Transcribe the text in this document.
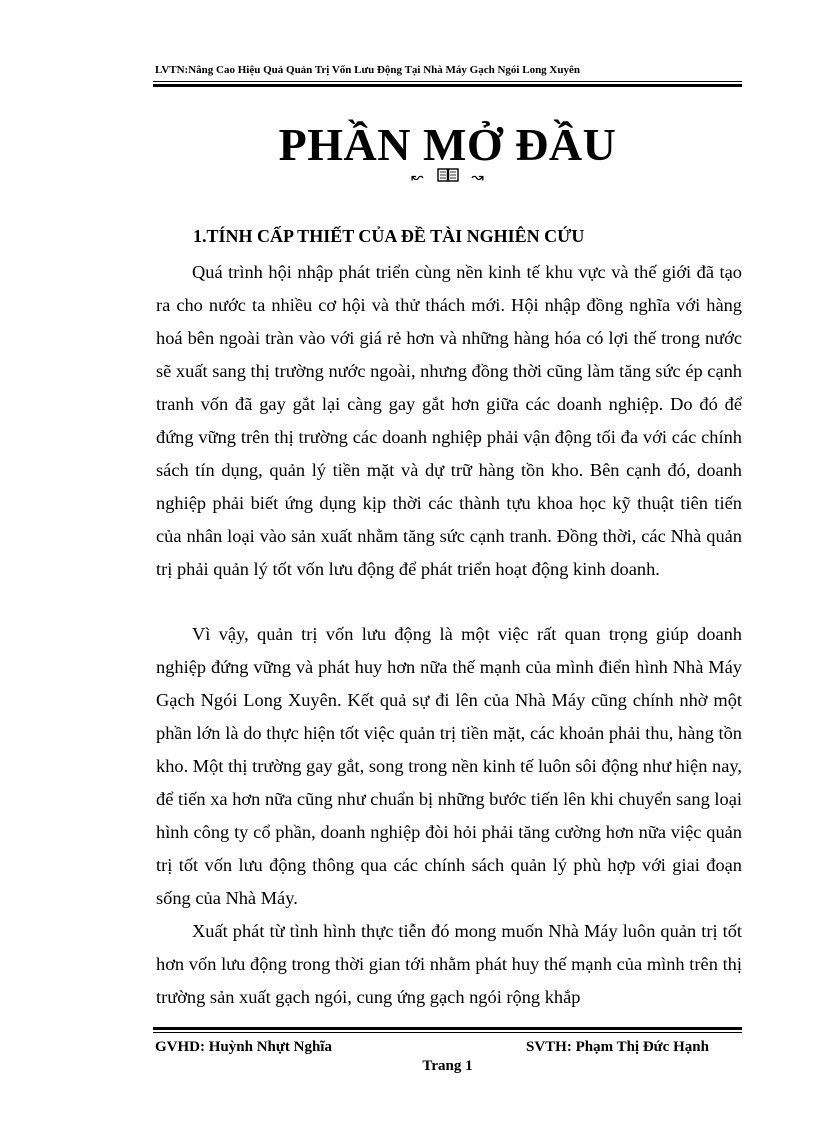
LVTN:Nâng Cao Hiệu Quả Quản Trị Vốn Lưu Động Tại Nhà Máy Gạch Ngói Long Xuyên
PHẦN MỞ ĐẦU
↜	↝
1.TÍNH CẤP THIẾT CỦA ĐỀ TÀI NGHIÊN CỨU

Quá trình hội nhập phát triển cùng nền kinh tế khu vực và thế giới đã tạo ra cho nước ta nhiều cơ hội và thử thách mới. Hội nhập đồng nghĩa với hàng hoá bên ngoài tràn vào với giá rẻ hơn và những hàng hóa có lợi thế trong nước sẽ xuất sang thị trường nước ngoài, nhưng đồng thời cũng làm tăng sức ép cạnh tranh vốn đã gay gắt lại càng gay gắt hơn giữa các doanh nghiệp. Do đó để đứng vững trên thị trường các doanh nghiệp phải vận động tối đa với các chính sách tín dụng, quản lý tiền mặt và dự trữ hàng tồn kho. Bên cạnh đó, doanh nghiệp phải biết ứng dụng kịp thời các thành tựu khoa học kỹ thuật tiên tiến của nhân loại vào sản xuất nhằm tăng sức cạnh tranh. Đồng thời, các Nhà quản trị phải quản lý tốt vốn lưu động để phát triển hoạt động kinh doanh.

Vì vậy, quản trị vốn lưu động là một việc rất quan trọng giúp doanh nghiệp đứng vững và phát huy hơn nữa thế mạnh của mình điển hình Nhà Máy Gạch Ngói Long Xuyên. Kết quả sự đi lên của Nhà Máy cũng chính nhờ một phần lớn là do thực hiện tốt việc quản trị tiền mặt, các khoản phải thu, hàng tồn kho. Một thị trường gay gắt, song trong nền kinh tế luôn sôi động như hiện nay, để tiến xa hơn nữa cũng như chuẩn bị những bước tiến lên khi chuyển sang loại hình công ty cổ phần, doanh nghiệp đòi hỏi phải tăng cường hơn nữa việc quản trị tốt vốn lưu động thông qua các chính sách quản lý phù hợp với giai đoạn sống của Nhà Máy.

Xuất phát từ tình hình thực tiễn đó mong muốn Nhà Máy luôn quản trị tốt hơn vốn lưu động trong thời gian tới nhằm phát huy thế mạnh của mình trên thị trường sản xuất gạch ngói, cung ứng gạch ngói rộng khắp

GVHD: Huỳnh Nhựt Nghĩa	SVTH: Phạm Thị Đức Hạnh
Trang 1
